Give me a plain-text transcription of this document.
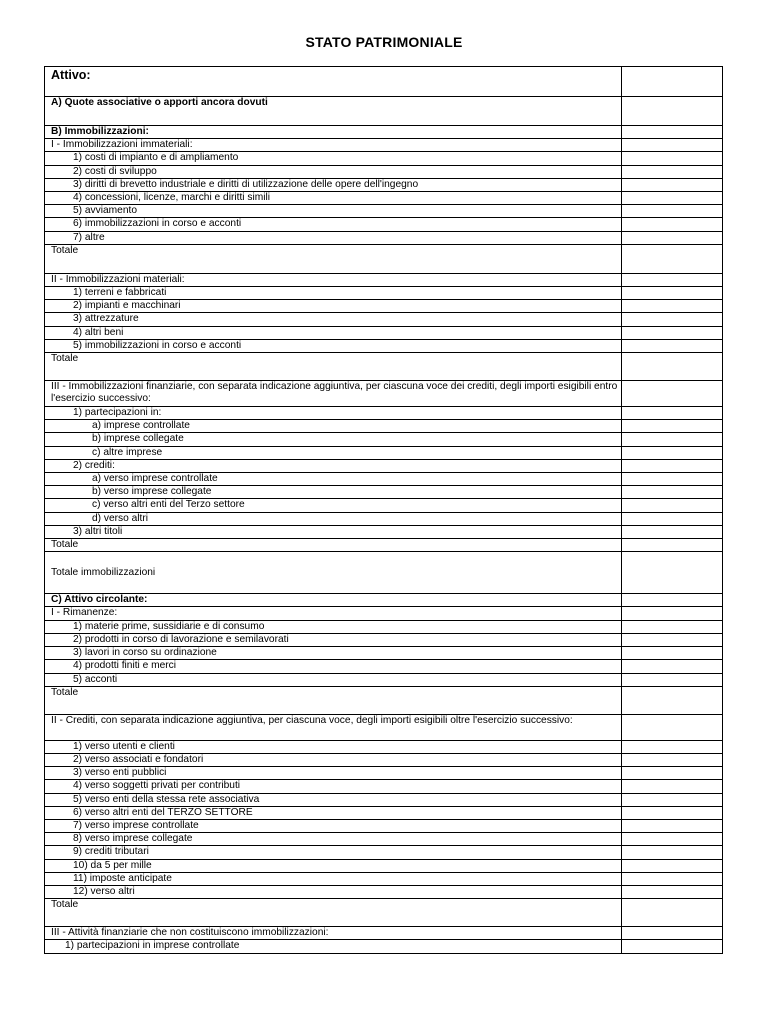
STATO PATRIMONIALE
Attivo:	
A) Quote associative o apporti ancora dovuti	
B) Immobilizzazioni:	
I - Immobilizzazioni immateriali:	
1) costi di impianto e di ampliamento	
2) costi di sviluppo	
3) diritti di brevetto industriale e diritti di utilizzazione delle opere dell'ingegno	
4) concessioni, licenze, marchi e diritti simili	
5) avviamento	
6) immobilizzazioni in corso e acconti	
7) altre	
Totale	
II - Immobilizzazioni materiali:	
1) terreni e fabbricati	
2) impianti e macchinari	
3) attrezzature	
4) altri beni	
5) immobilizzazioni in corso e acconti	
Totale	
III - Immobilizzazioni finanziarie, con separata indicazione aggiuntiva, per ciascuna voce dei crediti, degli importi esigibili entro l'esercizio successivo:	
1) partecipazioni in:	
a) imprese controllate	
b) imprese collegate	
c) altre imprese	
2) crediti:	
a) verso imprese controllate	
b) verso imprese collegate	
c) verso altri enti del Terzo settore	
d) verso altri	
3) altri titoli	
Totale	
Totale immobilizzazioni	
C) Attivo circolante:	
I - Rimanenze:	
1) materie prime, sussidiarie e di consumo	
2) prodotti in corso di lavorazione e semilavorati	
3) lavori in corso su ordinazione	
4) prodotti finiti e merci	
5) acconti	
Totale	
II - Crediti, con separata indicazione aggiuntiva, per ciascuna voce, degli importi esigibili oltre l'esercizio successivo:	
1) verso utenti e clienti	
2) verso associati e fondatori	
3) verso enti pubblici	
4) verso soggetti privati per contributi	
5) verso enti della stessa rete associativa	
6) verso altri enti del TERZO SETTORE	
7) verso imprese controllate	
8) verso imprese collegate	
9) crediti tributari	
10) da 5 per mille	
11) imposte anticipate	
12) verso altri	
Totale	
III - Attività finanziarie che non costituiscono immobilizzazioni:	
1) partecipazioni in imprese controllate	
